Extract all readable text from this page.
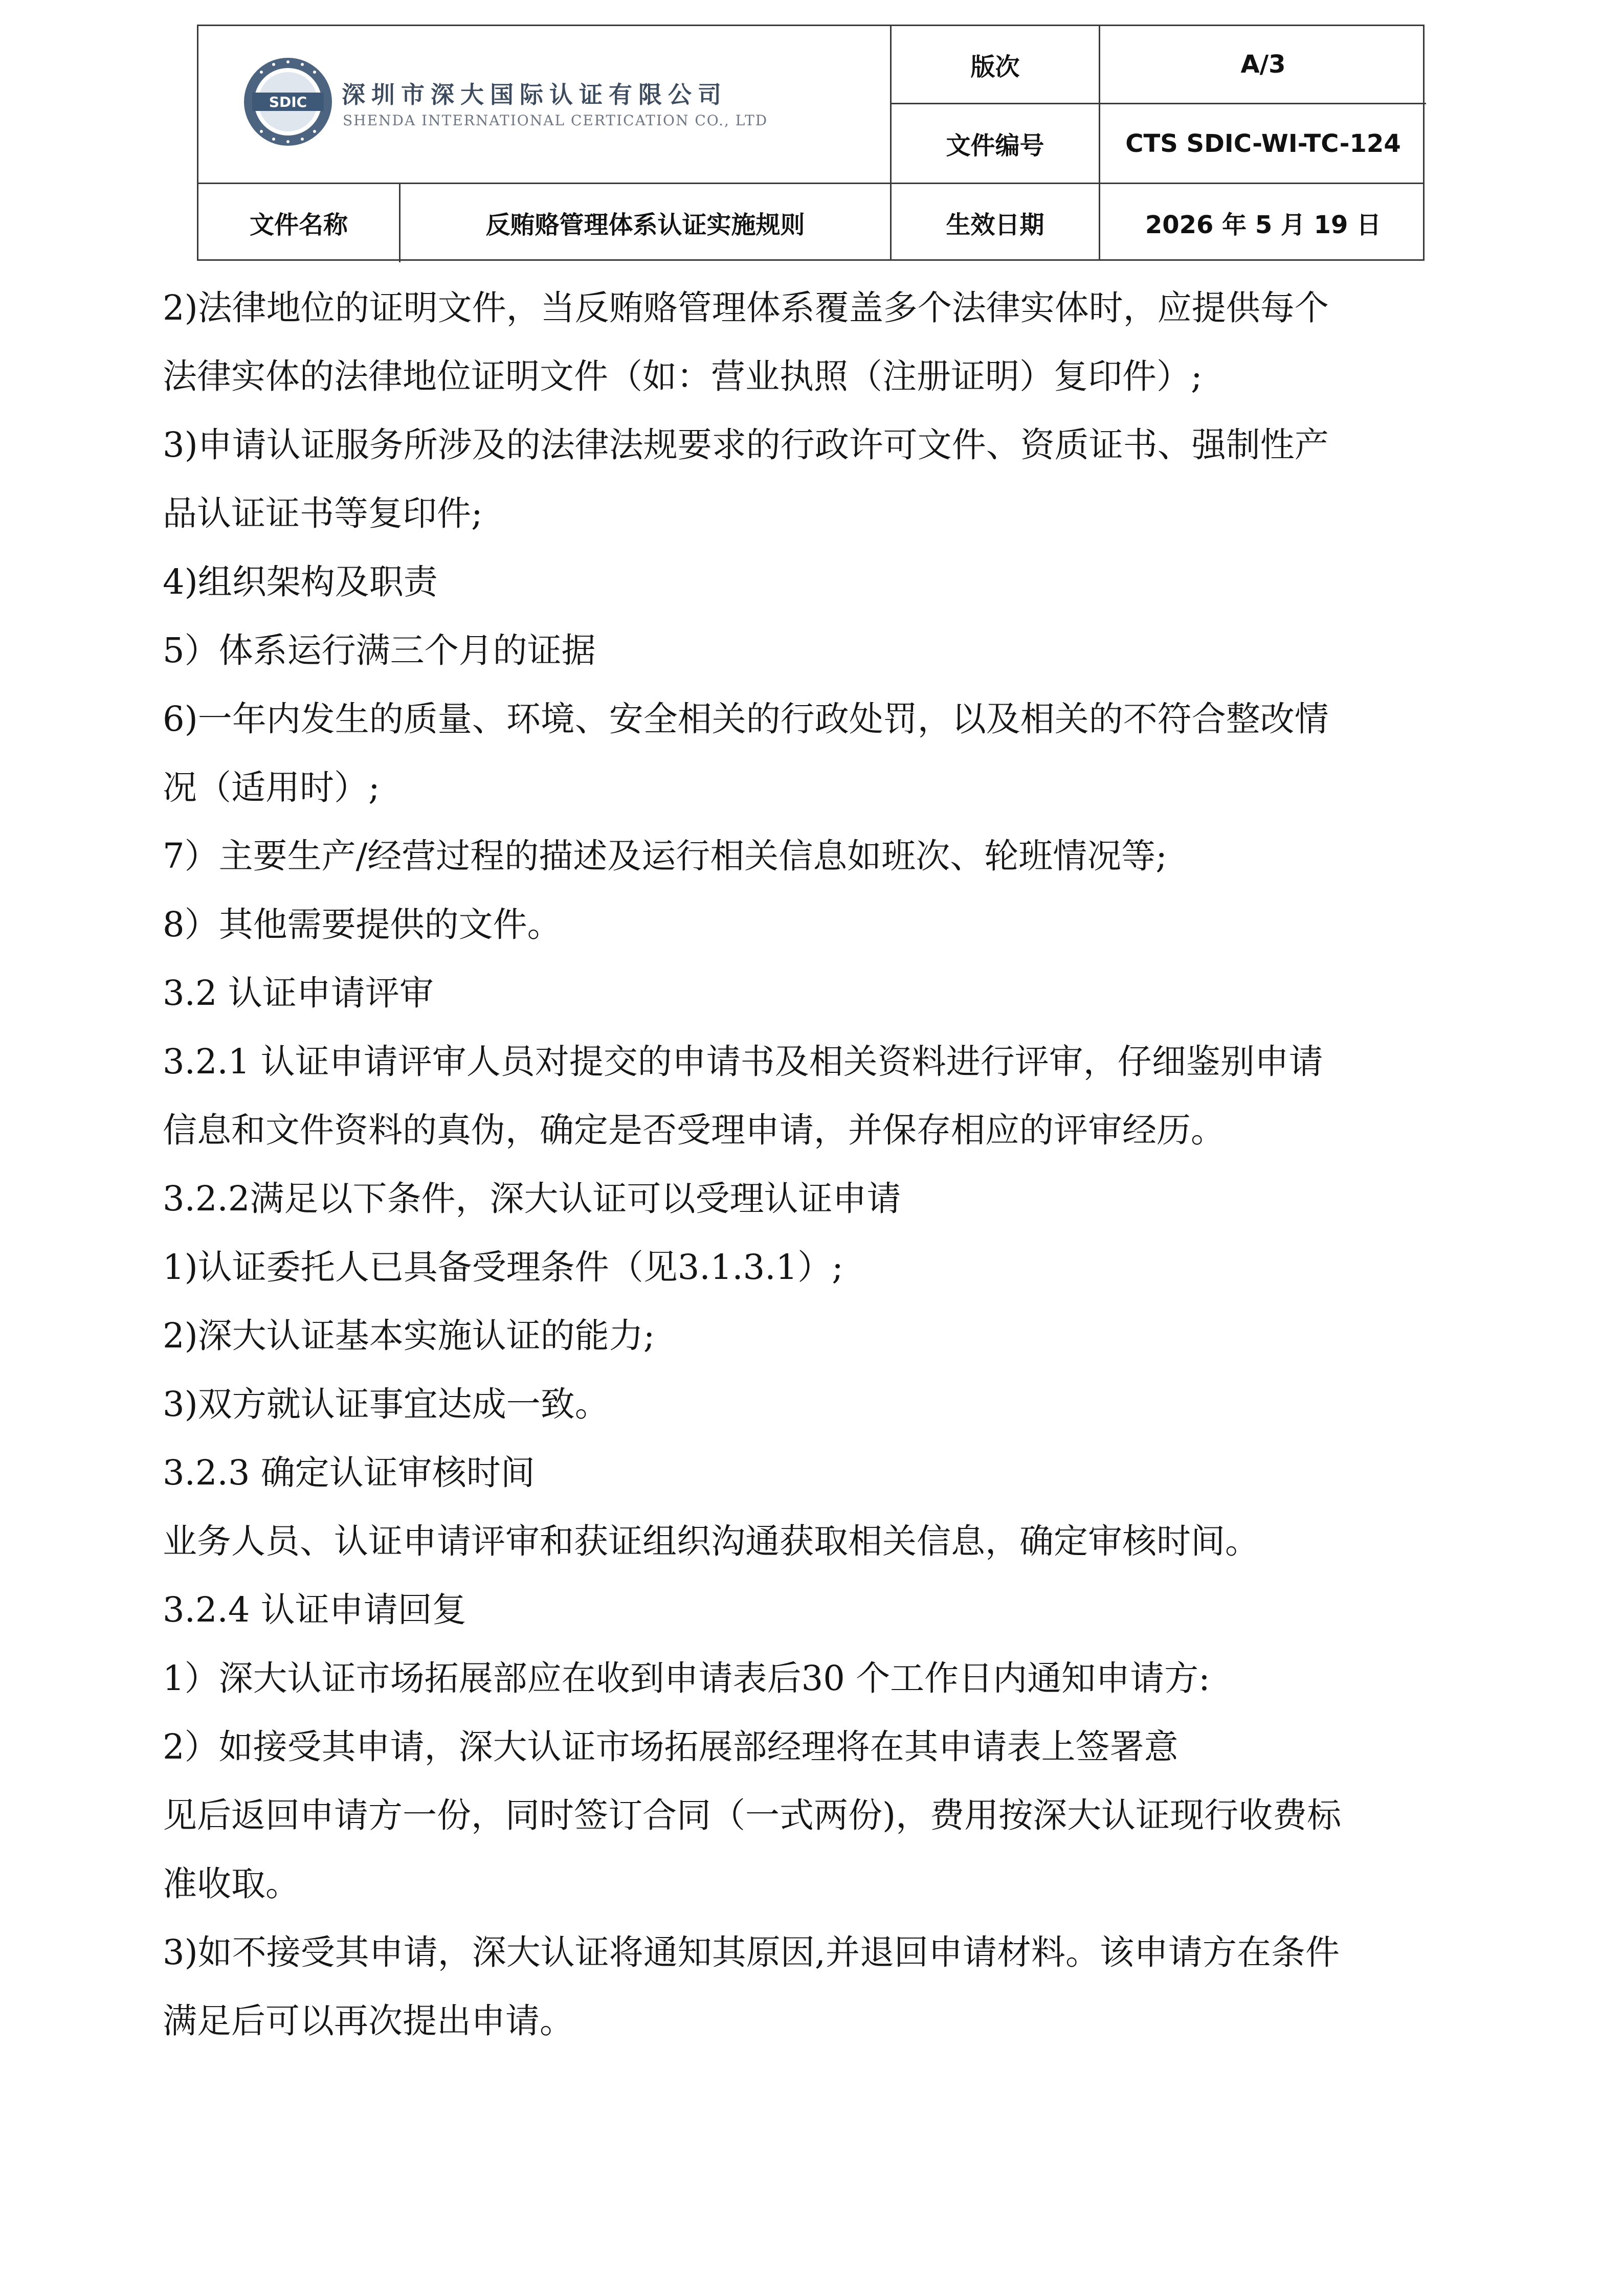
SDIC 深圳市深大国际认证有限公司
SHENDA INTERNATIONAL CERTICATION CO., LTD
版次	A/3
文件编号	CTS SDIC-WI-TC-124
文件名称	反贿赂管理体系认证实施规则	生效日期	2026 年 5 月 19 日
2)法律地位的证明文件，当反贿赂管理体系覆盖多个法律实体时，应提供每个
法律实体的法律地位证明文件（如：营业执照（注册证明）复印件）;
3)申请认证服务所涉及的法律法规要求的行政许可文件、资质证书、强制性产
品认证证书等复印件;
4)组织架构及职责
5）体系运行满三个月的证据
6)一年内发生的质量、环境、安全相关的行政处罚，以及相关的不符合整改情
况（适用时）;
7）主要生产/经营过程的描述及运行相关信息如班次、轮班情况等;
8）其他需要提供的文件。
3.2 认证申请评审
3.2.1 认证申请评审人员对提交的申请书及相关资料进行评审，仔细鉴别申请
信息和文件资料的真伪，确定是否受理申请，并保存相应的评审经历。
3.2.2满足以下条件，深大认证可以受理认证申请
1)认证委托人已具备受理条件（见3.1.3.1）;
2)深大认证基本实施认证的能力;
3)双方就认证事宜达成一致。
3.2.3 确定认证审核时间
业务人员、认证申请评审和获证组织沟通获取相关信息，确定审核时间。
3.2.4 认证申请回复
1）深大认证市场拓展部应在收到申请表后30 个工作日内通知申请方:
2）如接受其申请，深大认证市场拓展部经理将在其申请表上签署意
见后返回申请方一份，同时签订合同（一式两份)，费用按深大认证现行收费标
准收取。
3)如不接受其申请，深大认证将通知其原因,并退回申请材料。该申请方在条件
满足后可以再次提出申请。
